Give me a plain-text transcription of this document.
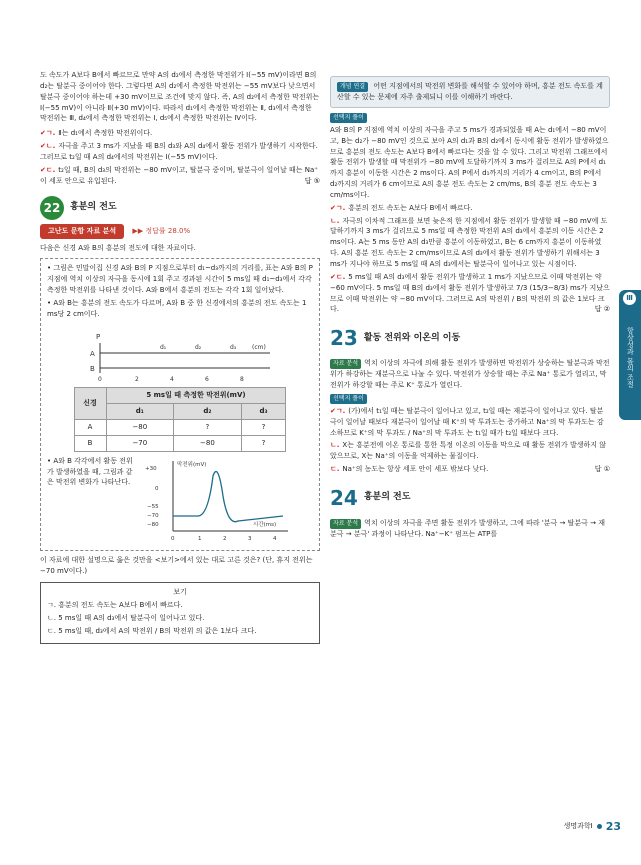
도 속도가 A보다 B에서 빠르므로 만약 A의 d₂에서 측정한 막전위가 Ⅰ(−55 mV)이라면 B의 d₂는 탈분극 중이어야 한다. 그렇다면 A의 d₂에서 측정한 막전위는 −55 mV보다 낮으면서 탈분극 중이어야 하는데 +30 mV이므로 조건에 맞지 않다. 즉, A의 d₂에서 측정한 막전위는 Ⅰ(−55 mV)이 아니라 Ⅱ(+30 mV)이다. 따라서 d₁에서 측정한 막전위는 Ⅱ, d₃에서 측정한 막전위는 Ⅲ, d₄에서 측정한 막전위는 Ⅰ, d₅에서 측정한 막전위는 Ⅳ이다.

✔ㄱ. Ⅱ는 d₁에서 측정한 막전위이다.

✔ㄴ. 자극을 주고 3 ms가 지났을 때 B의 d₃와 A의 d₄에서 활동 전위가 발생하기 시작한다. 그러므로 t₂일 때 A의 d₄에서의 막전위는 Ⅰ(−55 mV)이다.

✔ㄷ. t₂일 때, B의 d₃의 막전위는 −80 mV이고, 탈분극 중이며, 탈분극이 일어날 때는 Na⁺이 세포 안으로 유입된다.	답 ⑤

22	흥분의 전도
고난도 문항 자료 분석 ▶▶ 정답률 28.0%

다음은 신경 A와 B의 흥분의 전도에 대한 자료이다.

• 그림은 민말이집 신경 A와 B의 P 지점으로부터 d₁~d₃까지의 거리를, 표는 A와 B의 P 지점에 역치 이상의 자극을 동시에 1회 주고 경과된 시간이 5 ms일 때 d₁~d₃에서 각각 측정한 막전위를 나타낸 것이다. A와 B에서 흥분의 전도는 각각 1회 일어났다.

• A와 B는 흥분의 전도 속도가 다르며, A와 B 중 한 신경에서의 흥분의 전도 속도는 1 ms당 2 cm이다.

A
B
P
0	2	4	6	8
(cm)
d₁	d₂	d₃
신경	5 ms일 때 측정한 막전위(mV)		
	d₁	d₂	d₃
A	−80	?	?
B	−70	−80	?

• A와 B 각각에서 활동 전위가 발생하였을 때, 그림과 같은 막전위 변화가 나타난다.

+30
0
−55
−70
−80
0	1	2	3	4
시간(ms)
막전위(mV)

이 자료에 대한 설명으로 옳은 것만을 <보기>에서 있는 대로 고른 것은? (단, 휴지 전위는 −70 mV이다.)

보기

ㄱ. 흥분의 전도 속도는 A보다 B에서 빠르다.

ㄴ. 5 ms일 때 A의 d₃에서 탈분극이 일어나고 있다.

ㄷ. 5 ms일 때, d₃에서 A의 막전위 / B의 막전위 의 값은 1보다 크다.

개념 연결 어떤 지점에서의 막전위 변화를 해석할 수 있어야 하며, 흥분 전도 속도를 계산할 수 있는 문제에 자주 출제되니 이를 이해하기 바란다.

선택지 풀이

A와 B의 P 지점에 역치 이상의 자극을 주고 5 ms가 경과되었을 때 A는 d₁에서 −80 mV이고, B는 d₂가 −80 mV인 것으로 보아 A의 d₁과 B의 d₂에서 동시에 활동 전위가 발생하였으므로 흥분의 전도 속도는 A보다 B에서 빠르다는 것을 알 수 있다. 그리고 막전위 그래프에서 활동 전위가 발생할 때 막전위가 −80 mV에 도달하기까지 3 ms가 걸리므로 A의 P에서 d₁까지 흥분이 이동한 시간은 2 ms이다. A의 P에서 d₁까지의 거리가 4 cm이고, B의 P에서 d₂까지의 거리가 6 cm이므로 A의 흥분 전도 속도는 2 cm/ms, B의 흥분 전도 속도는 3 cm/ms이다.

✔ㄱ. 흥분의 전도 속도는 A보다 B에서 빠르다.

ㄴ. 자극의 이차적 그래프를 보면 늦은적 한 지점에서 활동 전위가 발생할 때 −80 mV에 도달하기까지 3 ms가 걸리므로 5 ms일 때 측정한 막전위 A의 d₃에서 흥분의 이동 시간은 2 ms이다. A는 5 ms 동안 A의 d₃만큼 흥분이 이동하였고, B는 6 cm까지 흥분이 이동하였다. A의 흥분 전도 속도는 2 cm/ms이므로 A의 d₃에서 활동 전위가 발생하기 위해서는 3 ms가 지나야 하므로 5 ms일 때 A의 d₃에서는 탈분극이 일어나고 있는 시점이다.

✔ㄷ. 5 ms일 때 A의 d₃에서 활동 전위가 발생하고 1 ms가 지났으므로 이때 막전위는 약 −60 mV이다. 5 ms일 때 B의 d₃에서 활동 전위가 발생하고 7/3 (15/3−8/3) ms가 지났으므로 이때 막전위는 약 −80 mV이다. 그러므로 A의 막전위 / B의 막전위 의 값은 1보다 크다.	답 ②

23 활동 전위와 이온의 이동

자료 분석 역치 이상의 자극에 의해 활동 전위가 발생하면 막전위가 상승하는 탈분극과 막전위가 하강하는 재분극으로 나눌 수 있다. 막전위가 상승할 때는 주로 Na⁺ 통로가 열리고, 막전위가 하강할 때는 주로 K⁺ 통로가 열린다.

선택지 풀이

✔ㄱ. (가)에서 t₁일 때는 탈분극이 일어나고 있고, t₂일 때는 재분극이 일어나고 있다. 탈분극이 일어날 때보다 재분극이 일어날 때 K⁺의 막 투과도는 증가하고 Na⁺의 막 투과도는 감소하므로 K⁺의 막 투과도 / Na⁺의 막 투과도 는 t₁일 때가 t₂일 때보다 크다.

ㄴ. X는 흥분전에 이온 통로를 통한 특정 이온의 이동을 막으로 때 활동 전위가 발생하지 않았으므로, X는 Na⁺의 이동을 억제하는 물질이다.

ㄷ. Na⁺의 농도는 항상 세포 안이 세포 밖보다 낮다.	답 ①

24 흥분의 전도

자료 분석 역치 이상의 자극을 주면 활동 전위가 발생하고, 그에 따라 '분극 → 탈분극 → 재분극 → 분극' 과정이 나타난다. Na⁺−K⁺ 펌프는 ATP를

항상성과 몸의 조절
Ⅲ
생명과학Ⅰ 23
